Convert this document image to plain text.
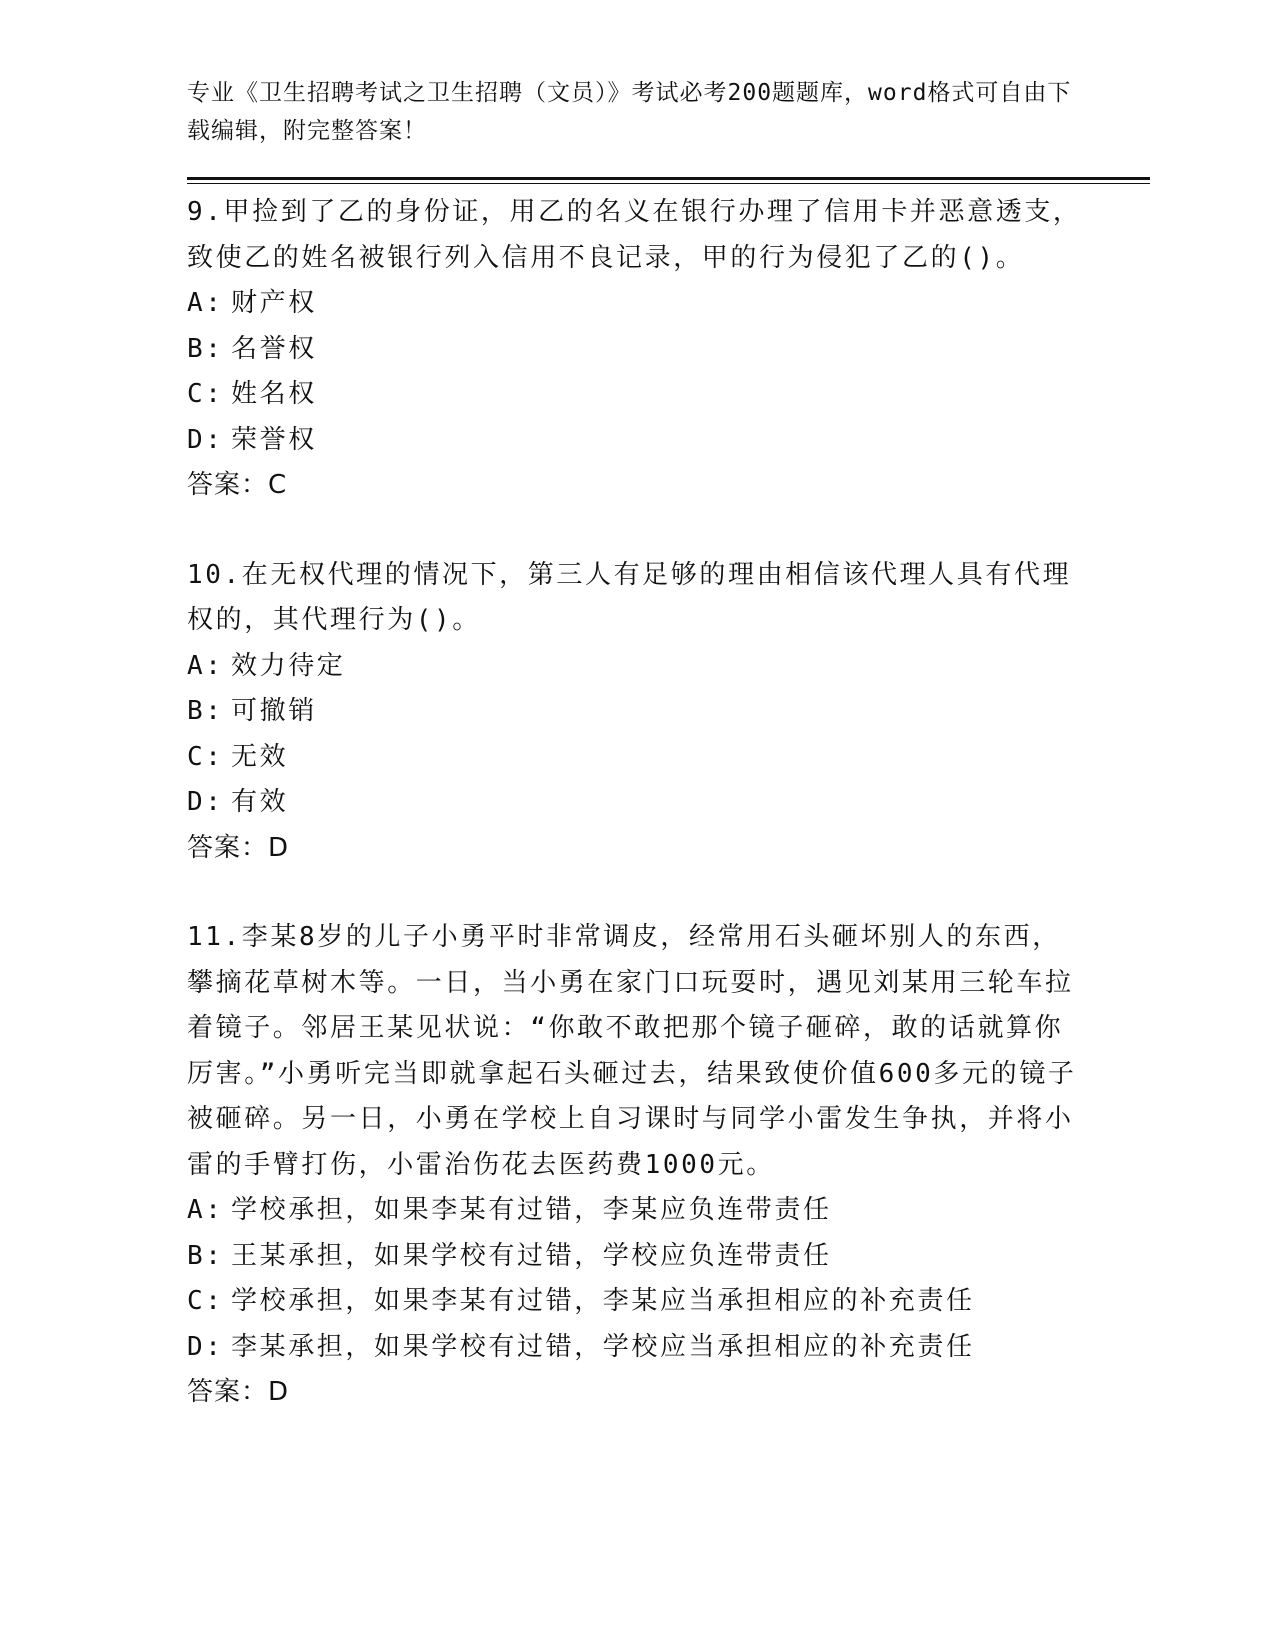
专业《卫生招聘考试之卫生招聘（文员）》考试必考200题题库，word格式可自由下载编辑，附完整答案！
9.甲捡到了乙的身份证，用乙的名义在银行办理了信用卡并恶意透支，致使乙的姓名被银行列入信用不良记录，甲的行为侵犯了乙的()。
A: 财产权
B: 名誉权
C: 姓名权
D: 荣誉权
答案：C
10.在无权代理的情况下，第三人有足够的理由相信该代理人具有代理权的，其代理行为()。
A: 效力待定
B: 可撤销
C: 无效
D: 有效
答案：D
11.李某8岁的儿子小勇平时非常调皮，经常用石头砸坏别人的东西，攀摘花草树木等。一日，当小勇在家门口玩耍时，遇见刘某用三轮车拉着镜子。邻居王某见状说：“你敢不敢把那个镜子砸碎，敢的话就算你厉害。”小勇听完当即就拿起石头砸过去，结果致使价值600多元的镜子被砸碎。另一日，小勇在学校上自习课时与同学小雷发生争执，并将小雷的手臂打伤，小雷治伤花去医药费1000元。
A: 学校承担，如果李某有过错，李某应负连带责任
B: 王某承担，如果学校有过错，学校应负连带责任
C: 学校承担，如果李某有过错，李某应当承担相应的补充责任
D: 李某承担，如果学校有过错，学校应当承担相应的补充责任
答案：D
